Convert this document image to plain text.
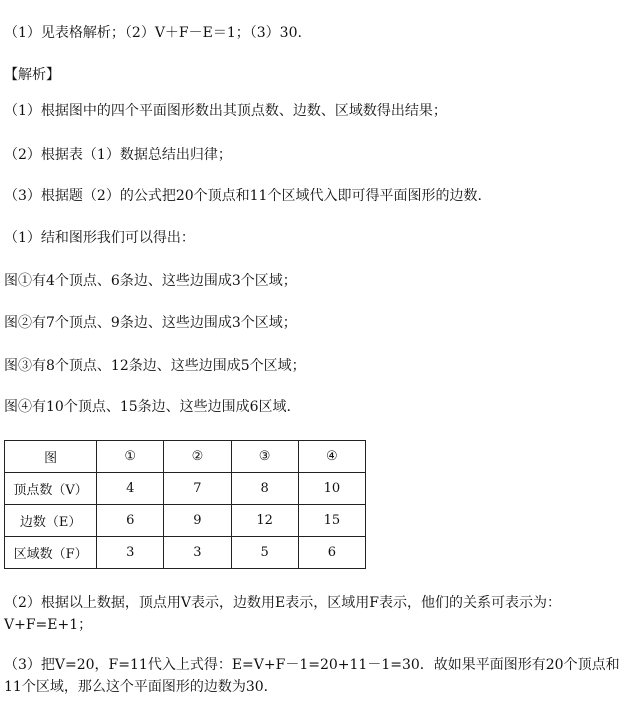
（1）见表格解析；（2）V＋F－E＝1；（3）30.
【解析】
（1）根据图中的四个平面图形数出其顶点数、边数、区域数得出结果；
（2）根据表（1）数据总结出归律；
（3）根据题（2）的公式把20个顶点和11个区域代入即可得平面图形的边数.
（1）结和图形我们可以得出：
图①有4个顶点、6条边、这些边围成3个区域；
图②有7个顶点、9条边、这些边围成3个区域；
图③有8个顶点、12条边、这些边围成5个区域；
图④有10个顶点、15条边、这些边围成6区域.
图	①	②	③	④
顶点数（V）	4	7	8	10
边数（E）	6	9	12	15
区域数（F）	3	3	5	6
（2）根据以上数据，顶点用V表示，边数用E表示，区域用F表示，他们的关系可表示为：V+F=E+1；
（3）把V=20，F=11代入上式得：E=V+F－1=20+11－1=30．故如果平面图形有20个顶点和11个区域，那么这个平面图形的边数为30．
